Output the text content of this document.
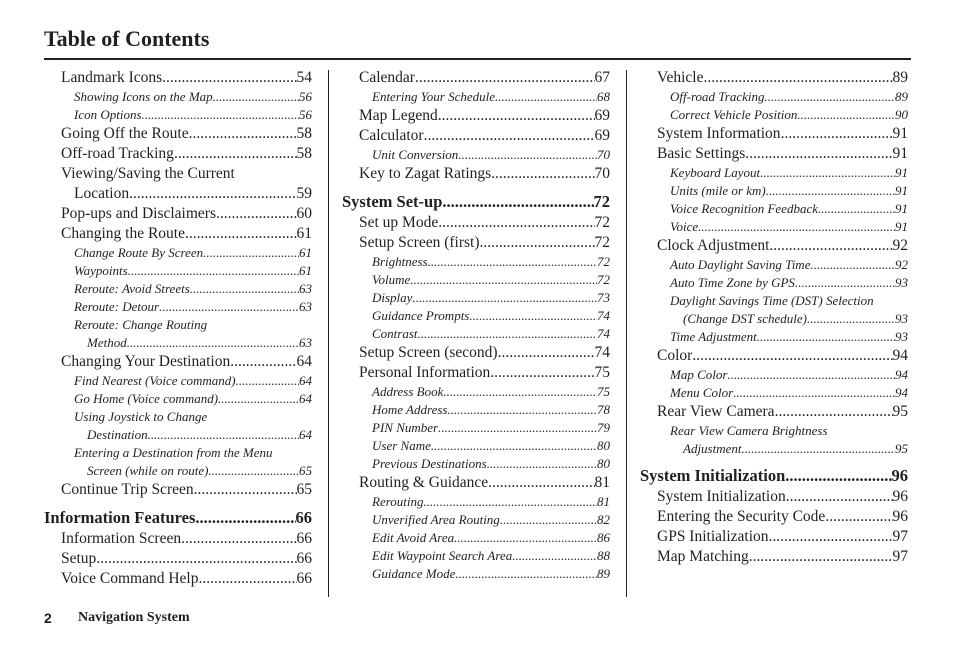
Table of Contents
Landmark Icons .....	54
Showing Icons on the Map .....	56
Icon Options .....	56
Going Off the Route .....	58
Off-road Tracking .....	58
Viewing/Saving the Current
Location .....	59
Pop-ups and Disclaimers .....	60
Changing the Route .....	61
Change Route By Screen .....	61
Waypoints .....	61
Reroute: Avoid Streets .....	63
Reroute: Detour .....	63
Reroute: Change Routing
Method .....	63
Changing Your Destination .....	64
Find Nearest (Voice command) .....	64
Go Home (Voice command) .....	64
Using Joystick to Change
Destination .....	64
Entering a Destination from the Menu
Screen (while on route) .....	65
Continue Trip Screen .....	65
Information Features .....	66
Information Screen .....	66
Setup .....	66
Voice Command Help .....	66
Calendar .....	67
Entering Your Schedule .....	68
Map Legend .....	69
Calculator .....	69
Unit Conversion .....	70
Key to Zagat Ratings .....	70
System Set-up .....	72
Set up Mode .....	72
Setup Screen (first) .....	72
Brightness .....	72
Volume .....	72
Display .....	73
Guidance Prompts .....	74
Contrast .....	74
Setup Screen (second) .....	74
Personal Information .....	75
Address Book .....	75
Home Address .....	78
PIN Number .....	79
User Name .....	80
Previous Destinations .....	80
Routing & Guidance .....	81
Rerouting .....	81
Unverified Area Routing .....	82
Edit Avoid Area .....	86
Edit Waypoint Search Area .....	88
Guidance Mode .....	89
Vehicle .....	89
Off-road Tracking .....	89
Correct Vehicle Position .....	90
System Information .....	91
Basic Settings .....	91
Keyboard Layout .....	91
Units (mile or km) .....	91
Voice Recognition Feedback .....	91
Voice .....	91
Clock Adjustment .....	92
Auto Daylight Saving Time .....	92
Auto Time Zone by GPS .....	93
Daylight Savings Time (DST) Selection
(Change DST schedule) .....	93
Time Adjustment .....	93
Color .....	94
Map Color .....	94
Menu Color .....	94
Rear View Camera .....	95
Rear View Camera Brightness
Adjustment .....	95
System Initialization .....	96
System Initialization .....	96
Entering the Security Code .....	96
GPS Initialization .....	97
Map Matching .....	97
2 Navigation System
